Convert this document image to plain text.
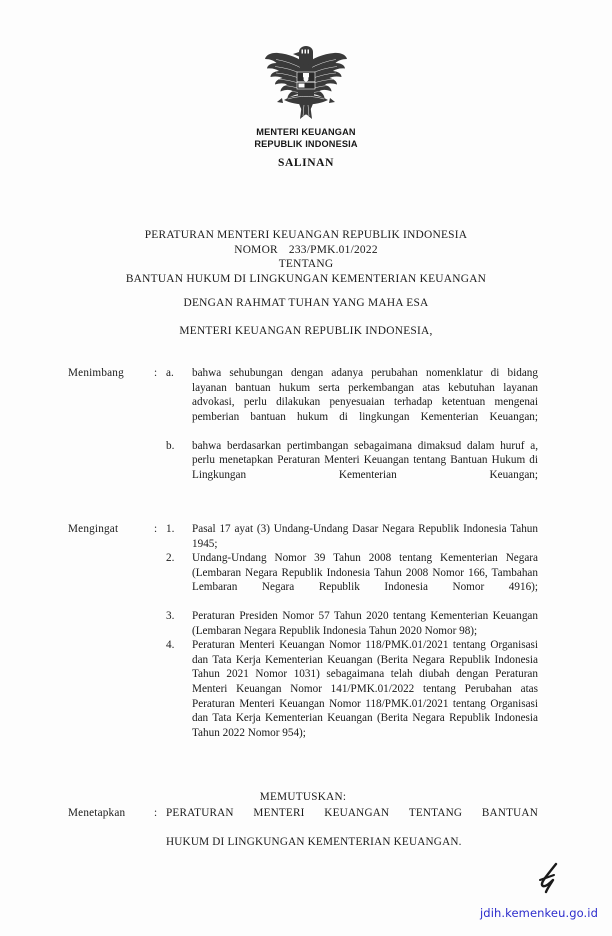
MENTERI KEUANGAN
REPUBLIK INDONESIA
SALINAN
PERATURAN MENTERI KEUANGAN REPUBLIK INDONESIA
NOMOR 233/PMK.01/2022
TENTANG
BANTUAN HUKUM DI LINGKUNGAN KEMENTERIAN KEUANGAN
DENGAN RAHMAT TUHAN YANG MAHA ESA
MENTERI KEUANGAN REPUBLIK INDONESIA,
Menimbang	: a.	bahwa sehubungan dengan adanya perubahan nomenklatur di bidang layanan bantuan hukum serta perkembangan atas kebutuhan layanan advokasi, perlu dilakukan penyesuaian terhadap ketentuan mengenai pemberian bantuan hukum di lingkungan Kementerian Keuangan;
b.	bahwa berdasarkan pertimbangan sebagaimana dimaksud dalam huruf a, perlu menetapkan Peraturan Menteri Keuangan tentang Bantuan Hukum di Lingkungan Kementerian Keuangan;
Mengingat	: 1.	Pasal 17 ayat (3) Undang-Undang Dasar Negara Republik Indonesia Tahun 1945;
2.	Undang-Undang Nomor 39 Tahun 2008 tentang Kementerian Negara (Lembaran Negara Republik Indonesia Tahun 2008 Nomor 166, Tambahan Lembaran Negara Republik Indonesia Nomor 4916);
3.	Peraturan Presiden Nomor 57 Tahun 2020 tentang Kementerian Keuangan (Lembaran Negara Republik Indonesia Tahun 2020 Nomor 98);
4.	Peraturan Menteri Keuangan Nomor 118/PMK.01/2021 tentang Organisasi dan Tata Kerja Kementerian Keuangan (Berita Negara Republik Indonesia Tahun 2021 Nomor 1031) sebagaimana telah diubah dengan Peraturan Menteri Keuangan Nomor 141/PMK.01/2022 tentang Perubahan atas Peraturan Menteri Keuangan Nomor 118/PMK.01/2021 tentang Organisasi dan Tata Kerja Kementerian Keuangan (Berita Negara Republik Indonesia Tahun 2022 Nomor 954);
MEMUTUSKAN:
Menetapkan	: PERATURAN MENTERI KEUANGAN TENTANG BANTUANHUKUM DI LINGKUNGAN KEMENTERIAN KEUANGAN.
jdih.kemenkeu.go.id
